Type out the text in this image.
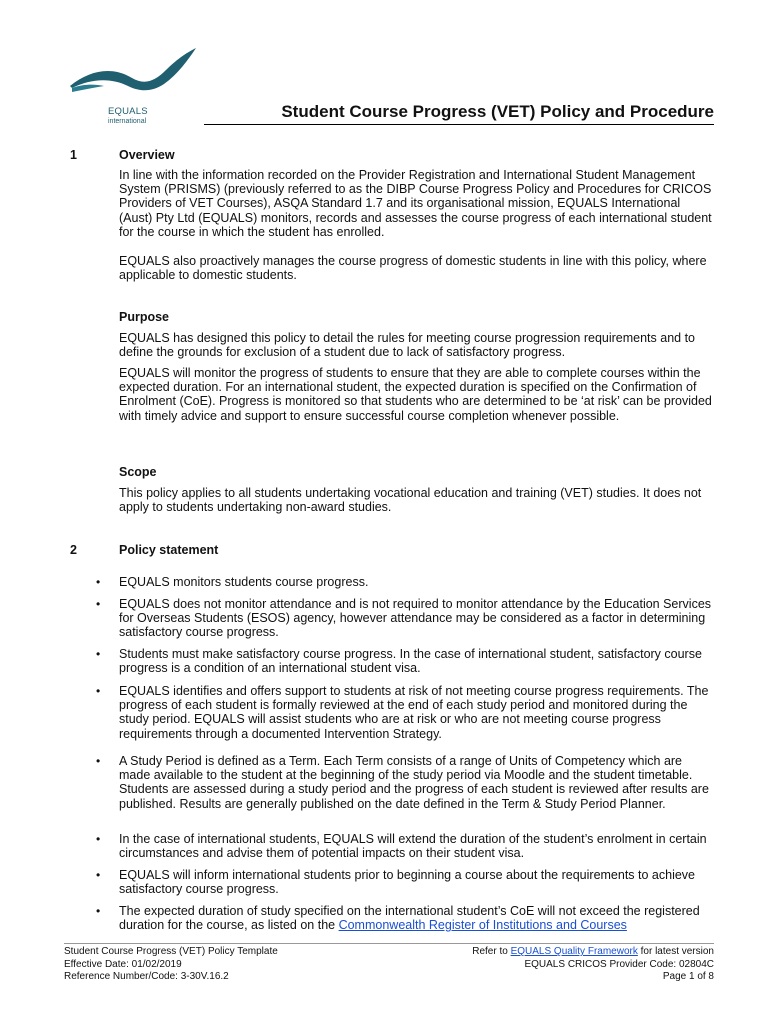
EQUALS
international
Student Course Progress (VET) Policy and Procedure
1	Overview
In line with the information recorded on the Provider Registration and International Student Management System (PRISMS) (previously referred to as the DIBP Course Progress Policy and Procedures for CRICOS Providers of VET Courses), ASQA Standard 1.7 and its organisational mission, EQUALS International (Aust) Pty Ltd (EQUALS) monitors, records and assesses the course progress of each international student for the course in which the student has enrolled.
EQUALS also proactively manages the course progress of domestic students in line with this policy, where applicable to domestic students.
Purpose
EQUALS has designed this policy to detail the rules for meeting course progression requirements and to define the grounds for exclusion of a student due to lack of satisfactory progress.
EQUALS will monitor the progress of students to ensure that they are able to complete courses within the expected duration. For an international student, the expected duration is specified on the Confirmation of Enrolment (CoE). Progress is monitored so that students who are determined to be ‘at risk’ can be provided with timely advice and support to ensure successful course completion whenever possible.
Scope
This policy applies to all students undertaking vocational education and training (VET) studies. It does not apply to students undertaking non-award studies.
2	Policy statement
• EQUALS monitors students course progress.
• EQUALS does not monitor attendance and is not required to monitor attendance by the Education Services for Overseas Students (ESOS) agency, however attendance may be considered as a factor in determining satisfactory course progress.
• Students must make satisfactory course progress. In the case of international student, satisfactory course progress is a condition of an international student visa.
• EQUALS identifies and offers support to students at risk of not meeting course progress requirements. The progress of each student is formally reviewed at the end of each study period and monitored during the study period. EQUALS will assist students who are at risk or who are not meeting course progress requirements through a documented Intervention Strategy.
• A Study Period is defined as a Term. Each Term consists of a range of Units of Competency which are made available to the student at the beginning of the study period via Moodle and the student timetable. Students are assessed during a study period and the progress of each student is reviewed after results are published. Results are generally published on the date defined in the Term & Study Period Planner.
• In the case of international students, EQUALS will extend the duration of the student’s enrolment in certain circumstances and advise them of potential impacts on their student visa.
• EQUALS will inform international students prior to beginning a course about the requirements to achieve satisfactory course progress.
• The expected duration of study specified on the international student’s CoE will not exceed the registered duration for the course, as listed on the Commonwealth Register of Institutions and Courses
Student Course Progress (VET) Policy Template
Effective Date: 01/02/2019
Reference Number/Code: 3-30V.16.2
Refer to EQUALS Quality Framework for latest version
EQUALS CRICOS Provider Code: 02804C
Page 1 of 8
